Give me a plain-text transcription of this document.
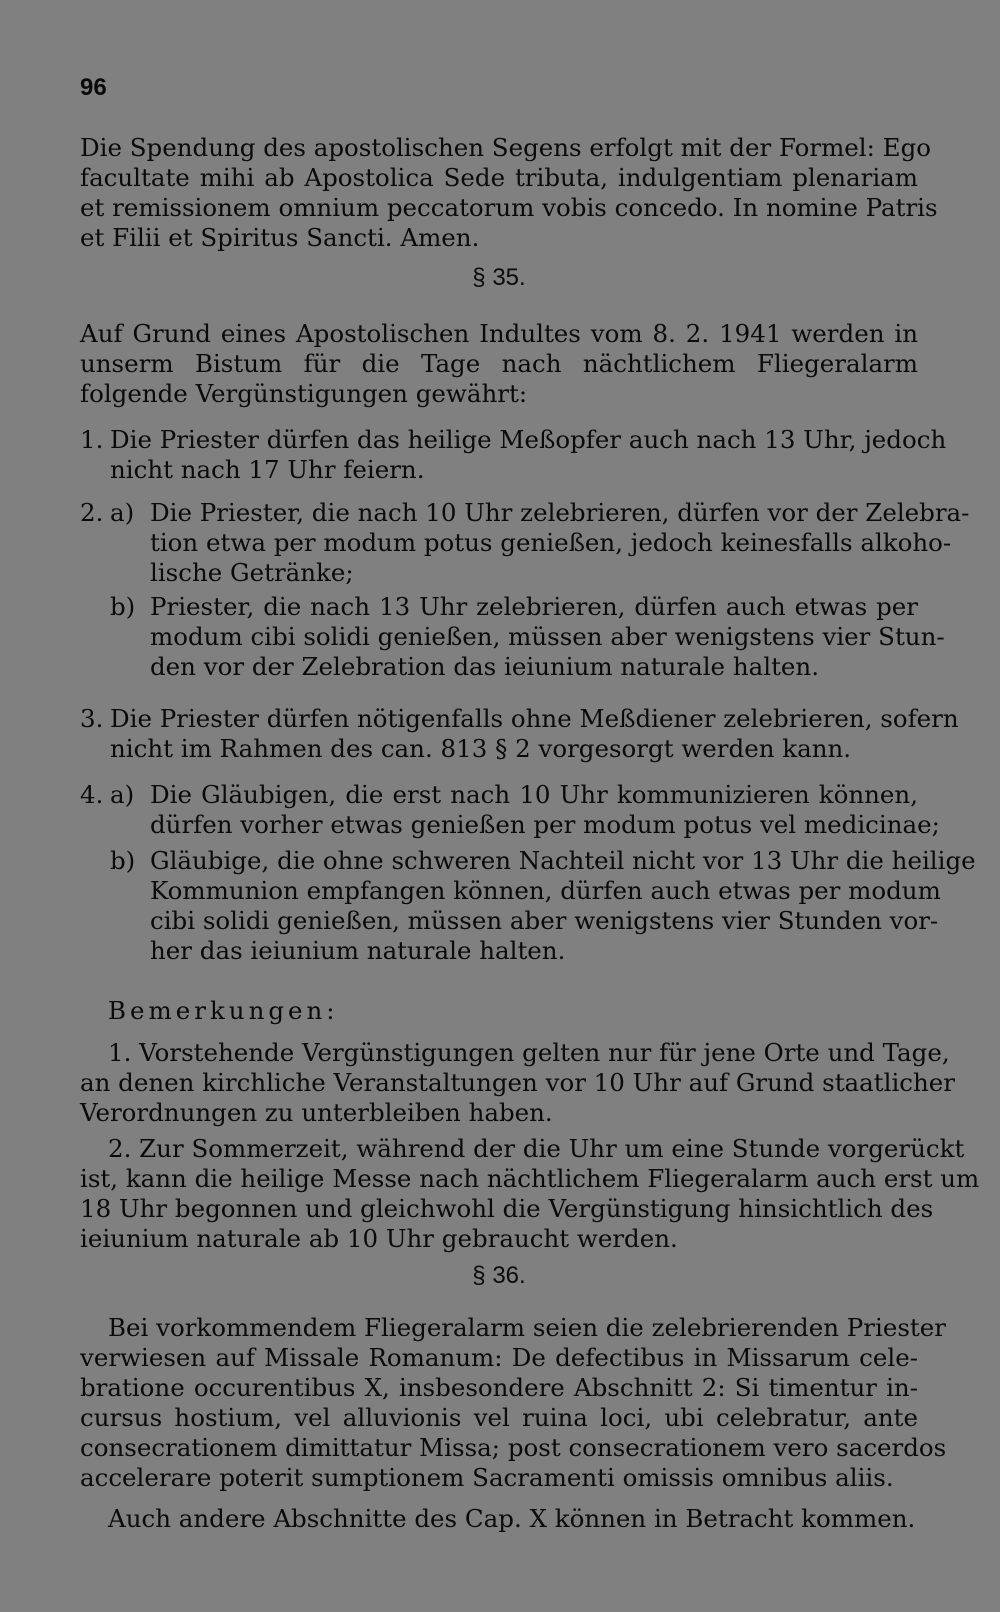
96
Die Spendung des apostolischen Segens erfolgt mit der Formel: Ego
facultate mihi ab Apostolica Sede tributa, indulgentiam plenariam
et remissionem omnium peccatorum vobis concedo. In nomine Patris
et Filii et Spiritus Sancti. Amen.
§ 35.
Auf Grund eines Apostolischen Indultes vom 8. 2. 1941 werden in
unserm Bistum für die Tage nach nächtlichem Fliegeralarm
folgende Vergünstigungen gewährt:
1. Die Priester dürfen das heilige Meßopfer auch nach 13 Uhr, jedoch
nicht nach 17 Uhr feiern.
2. a) Die Priester, die nach 10 Uhr zelebrieren, dürfen vor der Zelebra-
tion etwa per modum potus genießen, jedoch keinesfalls alkoho-
lische Getränke;
b) Priester, die nach 13 Uhr zelebrieren, dürfen auch etwas per
modum cibi solidi genießen, müssen aber wenigstens vier Stun-
den vor der Zelebration das ieiunium naturale halten.
3. Die Priester dürfen nötigenfalls ohne Meßdiener zelebrieren, sofern
nicht im Rahmen des can. 813 § 2 vorgesorgt werden kann.
4. a) Die Gläubigen, die erst nach 10 Uhr kommunizieren können,
dürfen vorher etwas genießen per modum potus vel medicinae;
b) Gläubige, die ohne schweren Nachteil nicht vor 13 Uhr die heilige
Kommunion empfangen können, dürfen auch etwas per modum
cibi solidi genießen, müssen aber wenigstens vier Stunden vor-
her das ieiunium naturale halten.
Bemerkungen:
1. Vorstehende Vergünstigungen gelten nur für jene Orte und Tage,
an denen kirchliche Veranstaltungen vor 10 Uhr auf Grund staatlicher
Verordnungen zu unterbleiben haben.
2. Zur Sommerzeit, während der die Uhr um eine Stunde vorgerückt
ist, kann die heilige Messe nach nächtlichem Fliegeralarm auch erst um
18 Uhr begonnen und gleichwohl die Vergünstigung hinsichtlich des
ieiunium naturale ab 10 Uhr gebraucht werden.
§ 36.
Bei vorkommendem Fliegeralarm seien die zelebrierenden Priester
verwiesen auf Missale Romanum: De defectibus in Missarum cele-
bratione occurentibus X, insbesondere Abschnitt 2: Si timentur in-
cursus hostium, vel alluvionis vel ruina loci, ubi celebratur, ante
consecrationem dimittatur Missa; post consecrationem vero sacerdos
accelerare poterit sumptionem Sacramenti omissis omnibus aliis.
Auch andere Abschnitte des Cap. X können in Betracht kommen.
